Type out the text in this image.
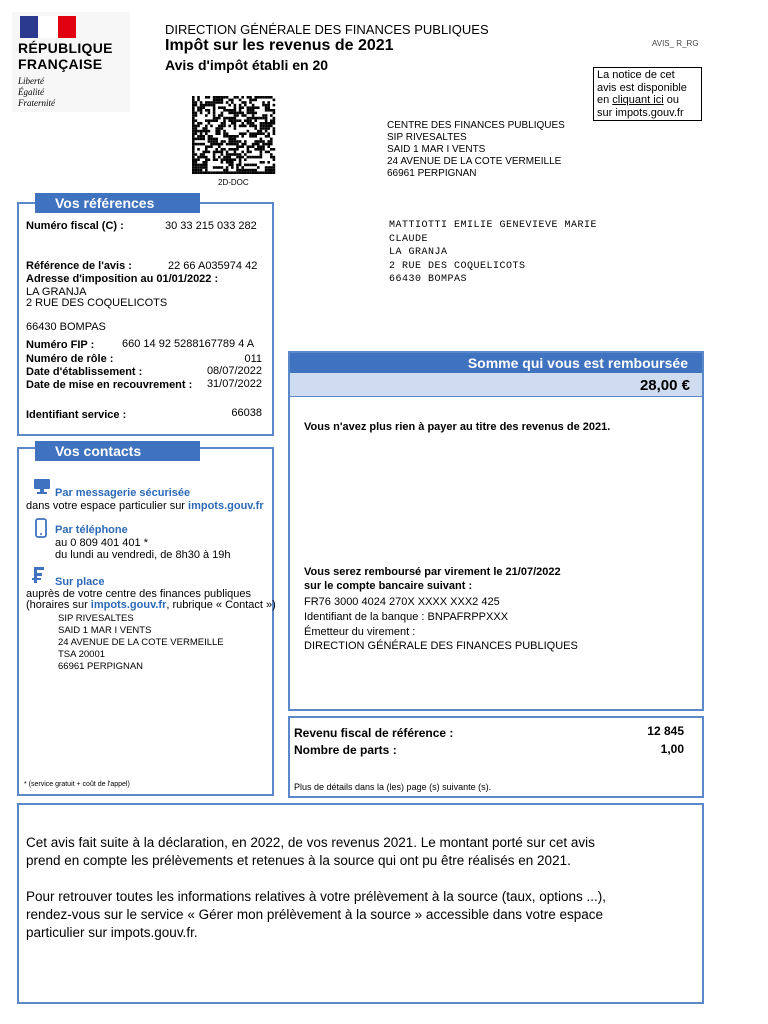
RÉPUBLIQUE
FRANÇAISE
Liberté
Égalité
Fraternité
DIRECTION GÉNÉRALE DES FINANCES PUBLIQUES
Impôt sur les revenus de 2021
Avis d'impôt établi en 20
AVIS_ R_RG
La notice de cet
avis est disponible
en cliquant ici ou
sur impots.gouv.fr
2D-DOC
CENTRE DES FINANCES PUBLIQUES
SIP RIVESALTES
SAID 1 MAR I VENTS
24 AVENUE DE LA COTE VERMEILLE
66961 PERPIGNAN
MATTIOTTI EMILIE GENEVIEVE MARIE
CLAUDE
LA GRANJA
2 RUE DES COQUELICOTS
66430 BOMPAS
Vos références
Numéro fiscal (C) :	30 33 215 033 282
Référence de l'avis :	22 66 A035974 42
Adresse d'imposition au 01/01/2022 :
LA GRANJA
2 RUE DES COQUELICOTS
66430 BOMPAS
Numéro FIP :	660 14 92 5288167789 4 A
Numéro de rôle :	011
Date d'établissement :	08/07/2022
Date de mise en recouvrement :	31/07/2022
Identifiant service :	66038
Vos contacts
Par messagerie sécurisée
dans votre espace particulier sur impots.gouv.fr
Par téléphone
au 0 809 401 401 *
du lundi au vendredi, de 8h30 à 19h
Sur place
auprès de votre centre des finances publiques
(horaires sur impots.gouv.fr, rubrique « Contact »)
SIP RIVESALTES
SAID 1 MAR I VENTS
24 AVENUE DE LA COTE VERMEILLE
TSA 20001
66961 PERPIGNAN
* (service gratuit + coût de l'appel)
Somme qui vous est remboursée
28,00 €
Vous n'avez plus rien à payer au titre des revenus de 2021.
Vous serez remboursé par virement le 21/07/2022
sur le compte bancaire suivant :
FR76 3000 4024 270X XXXX XXX2 425
Identifiant de la banque : BNPAFRPPXXX
Émetteur du virement :
DIRECTION GÉNÉRALE DES FINANCES PUBLIQUES
Revenu fiscal de référence :	12 845
Nombre de parts :	1,00
Plus de détails dans la (les) page (s) suivante (s).
Cet avis fait suite à la déclaration, en 2022, de vos revenus 2021. Le montant porté sur cet avis
prend en compte les prélèvements et retenues à la source qui ont pu être réalisés en 2021.
Pour retrouver toutes les informations relatives à votre prélèvement à la source (taux, options ...),
rendez-vous sur le service « Gérer mon prélèvement à la source » accessible dans votre espace
particulier sur impots.gouv.fr.
